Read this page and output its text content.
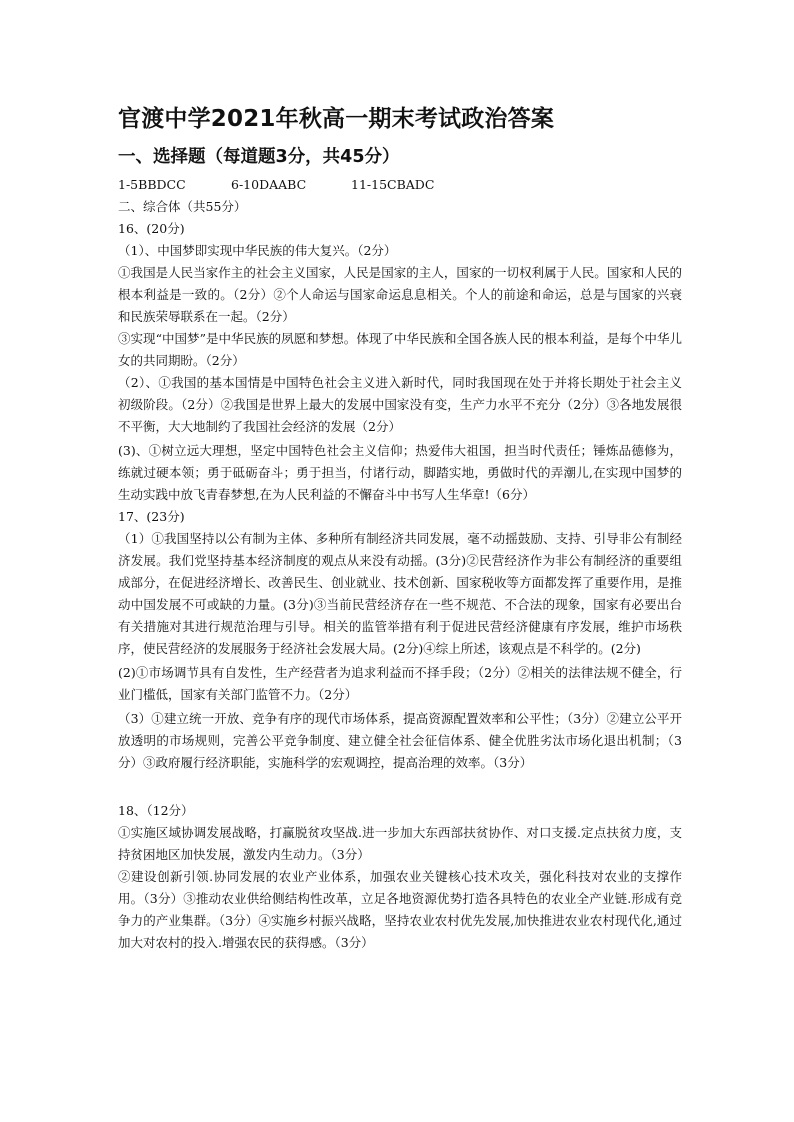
官渡中学2021年秋高一期末考试政治答案
一、选择题（每道题3分，共45分）
1-5BBDCC	6-10DAABC	11-15CBADC

二、综合体（共55分）

16、(20分)

（1）、中国梦即实现中华民族的伟大复兴。（2分）

①我国是人民当家作主的社会主义国家，人民是国家的主人，国家的一切权利属于人民。国家和人民的根本利益是一致的。（2分）②个人命运与国家命运息息相关。个人的前途和命运，总是与国家的兴衰和民族荣辱联系在一起。（2分）

③实现“中国梦”是中华民族的夙愿和梦想。体现了中华民族和全国各族人民的根本利益，是每个中华儿女的共同期盼。（2分）

（2）、①我国的基本国情是中国特色社会主义进入新时代，同时我国现在处于并将长期处于社会主义初级阶段。（2分）②我国是世界上最大的发展中国家没有变，生产力水平不充分（2分）③各地发展很不平衡，大大地制约了我国社会经济的发展（2分）

(3)、①树立远大理想，坚定中国特色社会主义信仰；热爱伟大祖国，担当时代责任；锤炼品德修为，练就过硬本领；勇于砥砺奋斗；勇于担当，付诸行动，脚踏实地，勇做时代的弄潮儿,在实现中国梦的生动实践中放飞青春梦想,在为人民利益的不懈奋斗中书写人生华章!（6分）

17、(23分)

（1）①我国坚持以公有制为主体、多种所有制经济共同发展，毫不动摇鼓励、支持、引导非公有制经济发展。我们党坚持基本经济制度的观点从来没有动摇。(3分)②民营经济作为非公有制经济的重要组成部分，在促进经济增长、改善民生、创业就业、技术创新、国家税收等方面都发挥了重要作用，是推动中国发展不可或缺的力量。(3分)③当前民营经济存在一些不规范、不合法的现象，国家有必要出台有关措施对其进行规范治理与引导。相关的监管举措有利于促进民营经济健康有序发展，维护市场秩序，使民营经济的发展服务于经济社会发展大局。(2分)④综上所述，该观点是不科学的。(2分)

(2)①市场调节具有自发性，生产经营者为追求利益而不择手段；（2分）②相关的法律法规不健全，行业门槛低，国家有关部门监管不力。（2分）

（3）①建立统一开放、竞争有序的现代市场体系，提高资源配置效率和公平性；（3分）②建立公平开放透明的市场规则，完善公平竞争制度、建立健全社会征信体系、健全优胜劣汰市场化退出机制；（3分）③政府履行经济职能，实施科学的宏观调控，提高治理的效率。（3分）

18、（12分）

①实施区域协调发展战略，打赢脱贫攻坚战.进一步加大东西部扶贫协作、对口支援.定点扶贫力度，支持贫困地区加快发展，激发内生动力。（3分）

②建设创新引领.协同发展的农业产业体系，加强农业关键核心技术攻关，强化科技对农业的支撑作用。（3分）③推动农业供给侧结构性改革，立足各地资源优势打造各具特色的农业全产业链.形成有竞争力的产业集群。（3分）④实施乡村振兴战略，坚持农业农村优先发展,加快推进农业农村现代化,通过加大对农村的投入.增强农民的获得感。（3分）
